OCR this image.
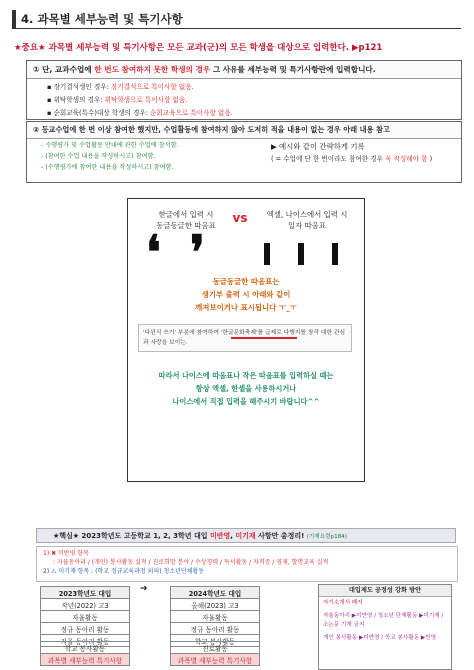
4. 과목별 세부능력 및 특기사항
★중요★ 과목별 세부능력 및 특기사항은 모든 교과(군)의 모든 학생을 대상으로 입력한다. ▶p121
① 단, 교과수업에 한 번도 참여하지 못한 학생의 경우 그 사유를 세부능력 및 특기사항란에 입력합니다.
▪ 장기결석생인 경우: 장기결석으로 특이사항 없음.
▪ 위탁학생의 경우: 위탁학생으로 특이사항 없음.
▪ 순회교육(특수)대상 학생의 경우: 순회교육으로 특이사항 없음.
② 등교수업에 한 번 이상 참여한 했지만, 수업활동에 참여하지 않아 도저히 적을 내용이 없는 경우 아래 내용 참고
- 수행평가 및 수업활동 안내에 관한 수업에 참석함.
- (참여한 수업 내용을 작성하시고) 참여함.
- (수행평가에 참여한 내용을 작성하시고) 참여함.
▶ 예시와 같이 간략하게 기록
( = 수업에 단 한 번이라도 참여한 경우 꼭 작성해야 함 )
한글에서 입력 시
동글동글한 따옴표
vs	엑셀, 나이스에서 입력 시
일자 따옴표
❛ ❜
동글동글한 따옴표는
생기부 출력 시 아래와 같이
깨져보이거나 표시됩니다 ㅜ_ㅜ
'다윈식 쓰기' 부분에 참여하여 '한글문화축제'를 급제로 다행지를 창작 대한 관심과 사랑을 보이는.
따라서 나이스에 따옴표나 작은 따옴표를 입력하실 때는
항상 엑셀, 한셀을 사용하시거나
나이스에서 직접 입력을 해주시기 바랍니다^^
★핵심★ 2023학년도 고등학교 1, 2, 3학년 대입 미반영, 미기재 사항만 총정리! (기재요령p184)
1) ✖ 미반영 항목
: 자율동아리 / (개인) 봉사활동 실적 / 진로희망 분야 / 수상경력 / 독서활동 / 자격증 / 영재, 발명교육 실적
2) ⚠ 미기재 항목 : (학교 정규교육과정 외의) 청소년단체활동
2023학년도 대입
작년(2022) 고3
자율활동
정규 동아리 활동
자율 동아리 활동
2024학년도 대입
올해(2023) 고3
자율활동
정규 동아리 활동
학교 봉사활동
➔
학교 봉사활동
과목별 세부능력 특기사항
진로활동
과목별 세부능력 특기사항
대입제도 공정성 강화 방안
자기소개서 폐지
자율동아리 ▶미반영 / 청소년 단체활동 ▶미기재 / 소논문 기재 금지
개인 봉사활동 ▶미반영 / 학교 봉사활동 ▶반영
